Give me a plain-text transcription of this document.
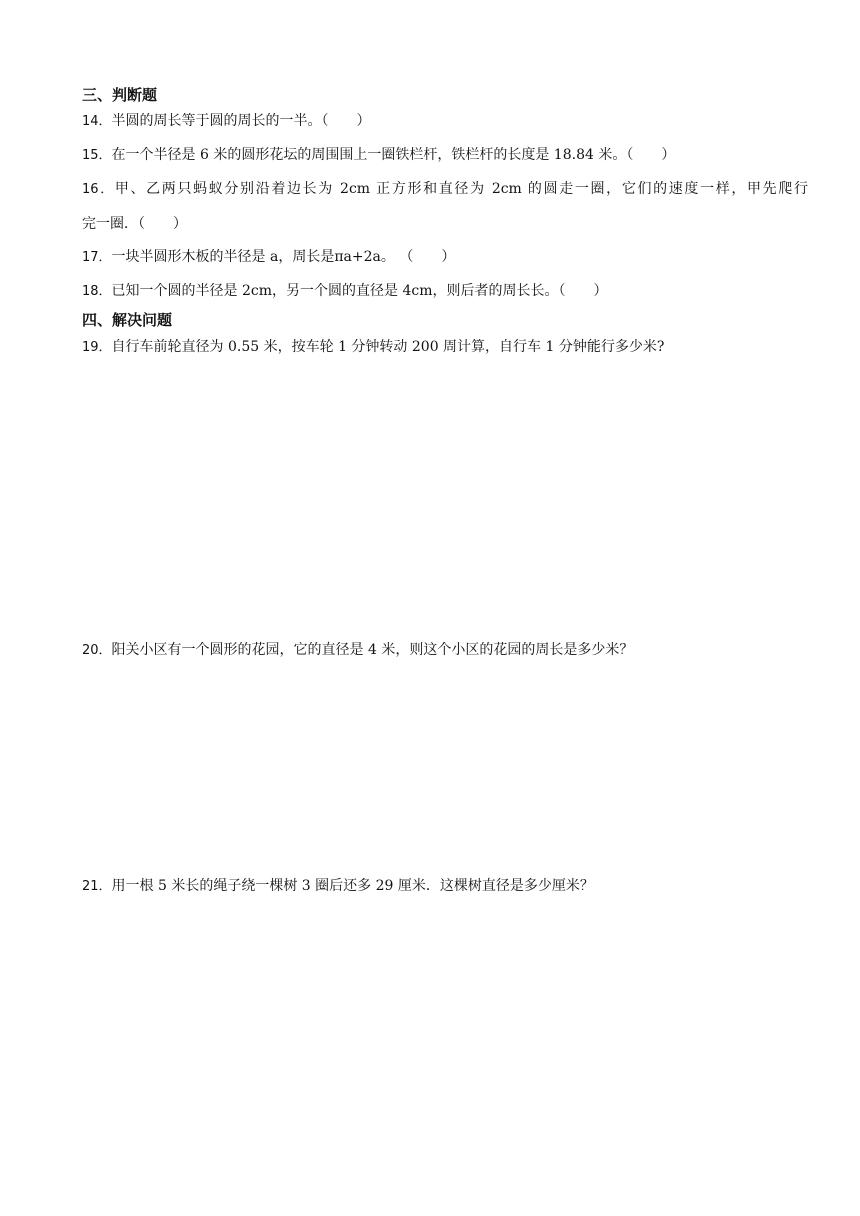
三、判断题
14．半圆的周长等于圆的周长的一半。（　　）
15．在一个半径是 6 米的圆形花坛的周围围上一圈铁栏杆，铁栏杆的长度是 18.84 米。（　　）
16．甲、乙两只蚂蚁分别沿着边长为 2cm 正方形和直径为 2cm 的圆走一圈，它们的速度一样，甲先爬行
完一圈．（　　）
17．一块半圆形木板的半径是 a，周长是πa+2a。 （　　）
18．已知一个圆的半径是 2cm，另一个圆的直径是 4cm，则后者的周长长。（　　）
四、解决问题
19．自行车前轮直径为 0.55 米，按车轮 1 分钟转动 200 周计算，自行车 1 分钟能行多少米?
20．阳关小区有一个圆形的花园，它的直径是 4 米，则这个小区的花园的周长是多少米？
21．用一根 5 米长的绳子绕一棵树 3 圈后还多 29 厘米．这棵树直径是多少厘米？
